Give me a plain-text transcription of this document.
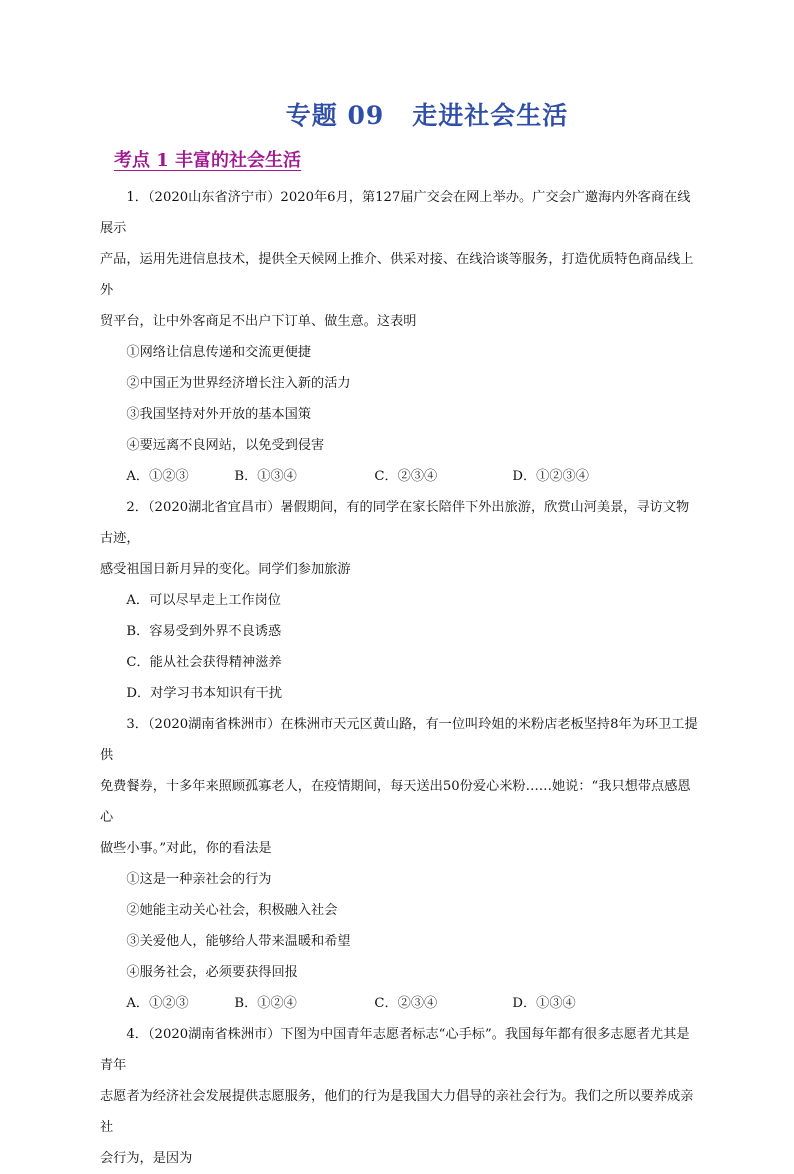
专题 09 走进社会生活
考点 1 丰富的社会生活

1．（2020山东省济宁市）2020年6月，第127届广交会在网上举办。广交会广邀海内外客商在线展示

产品，运用先进信息技术，提供全天候网上推介、供采对接、在线洽谈等服务，打造优质特色商品线上外

贸平台，让中外客商足不出户下订单、做生意。这表明

①网络让信息传递和交流更便捷

②中国正为世界经济增长注入新的活力

③我国坚持对外开放的基本国策

④要远离不良网站，以免受到侵害

A．①②③	B．①③④	C．②③④	D．①②③④

2．（2020湖北省宜昌市）暑假期间，有的同学在家长陪伴下外出旅游，欣赏山河美景，寻访文物古迹，

感受祖国日新月异的变化。同学们参加旅游

A．可以尽早走上工作岗位

B．容易受到外界不良诱惑

C．能从社会获得精神滋养

D．对学习书本知识有干扰

3．（2020湖南省株洲市）在株洲市天元区黄山路，有一位叫玲姐的米粉店老板坚持8年为环卫工提供

免费餐券，十多年来照顾孤寡老人，在疫情期间，每天送出50份爱心米粉……她说：“我只想带点感恩心

做些小事。”对此，你的看法是

①这是一种亲社会的行为

②她能主动关心社会，积极融入社会

③关爱他人，能够给人带来温暖和希望

④服务社会，必须要获得回报

A．①②③	B．①②④	C．②③④	D．①③④

4．（2020湖南省株洲市）下图为中国青年志愿者标志“心手标”。我国每年都有很多志愿者尤其是青年

志愿者为经济社会发展提供志愿服务，他们的行为是我国大力倡导的亲社会行为。我们之所以要养成亲社

会行为，是因为
